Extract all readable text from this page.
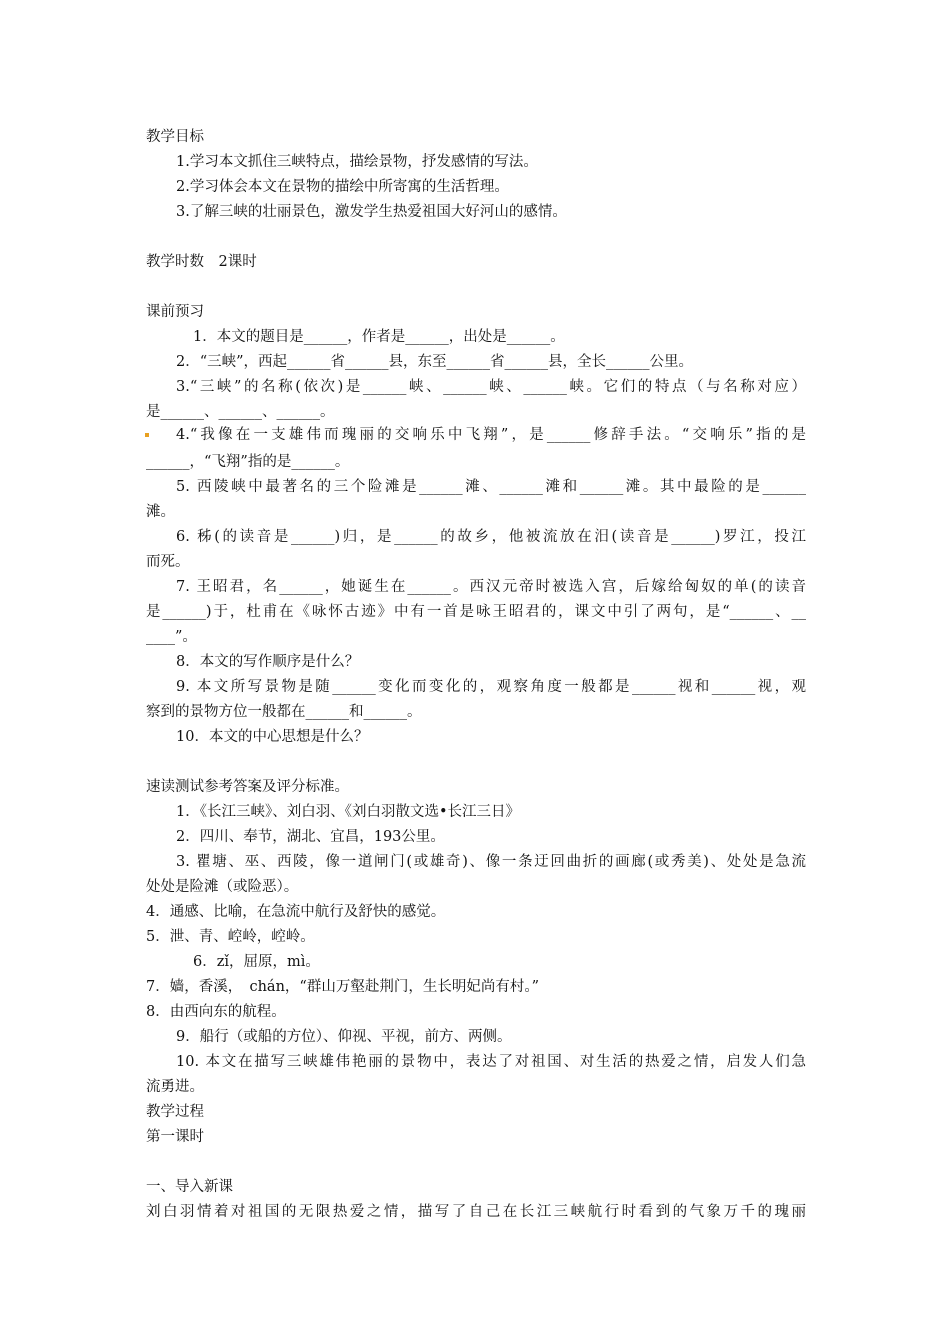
教学目标
1.学习本文抓住三峡特点，描绘景物，抒发感情的写法。
2.学习体会本文在景物的描绘中所寄寓的生活哲理。
3.了解三峡的壮丽景色，激发学生热爱祖国大好河山的感情。
教学时数　2课时
课前预习
1．本文的题目是______，作者是______，出处是______。
2．“三峡”，西起______省______县，东至______省______县，全长______公里。
3.“三峡”的名称(依次)是______峡、______峡、______峡。它们的特点（与名称对应）
是______、______、______。
4.“我像在一支雄伟而瑰丽的交响乐中飞翔”，是______修辞手法。“交响乐”指的是
______，“飞翔”指的是______。
5. 西陵峡中最著名的三个险滩是______滩、______滩和______滩。其中最险的是______
滩。
6. 秭(的读音是______)归，是______的故乡，他被流放在汨(读音是______)罗江，投江
而死。
7. 王昭君，名______，她诞生在______。西汉元帝时被选入宫，后嫁给匈奴的单(的读音
是______)于，杜甫在《咏怀古迹》中有一首是咏王昭君的，课文中引了两句，是“______、__
____”。
8．本文的写作顺序是什么？
9. 本文所写景物是随______变化而变化的，观察角度一般都是______视和______视，观
察到的景物方位一般都在______和______。
10．本文的中心思想是什么？
速读测试参考答案及评分标准。
1．《长江三峡》、刘白羽、《刘白羽散文选•长江三日》
2．四川、奉节，湖北、宜昌，193公里。
3. 瞿塘、巫、西陵，像一道闸门(或雄奇)、像一条迂回曲折的画廊(或秀美)、处处是急流
处处是险滩（或险恶）。
4．通感、比喻，在急流中航行及舒快的感觉。
5．泄、青、崆岭，崆岭。
6．zǐ，屈原，mì。
7．嫱，香溪，　chán，“群山万壑赴荆门，生长明妃尚有村。”
8．由西向东的航程。
9．船行（或船的方位）、仰视、平视，前方、两侧。
10. 本文在描写三峡雄伟艳丽的景物中，表达了对祖国、对生活的热爱之情，启发人们急
流勇进。
教学过程
第一课时
一、导入新课
刘白羽情着对祖国的无限热爱之情，描写了自己在长江三峡航行时看到的气象万千的瑰丽
